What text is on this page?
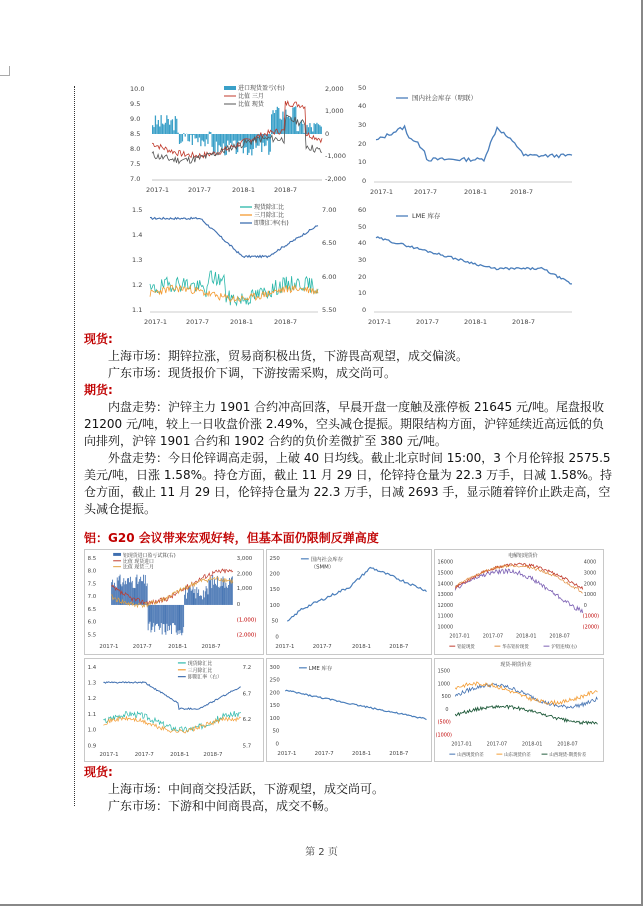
10.0
9.5
9.0
8.5
8.0
7.5
7.0
2,000
1,000
0
-1,000
-2,000
2017-1	2017-7	2018-1	2018-7
进口现货盈亏(右)
比值 三月
比值 现货
50
40
30
20
10
0
2017-1	2017-7	2018-1	2018-7
国内社会库存（明联）
1.5
1.4
1.3
1.2
1.1
7.00
6.50
6.00
5.50
2017-1	2017-7	2018-1	2018-7
现货除汇比
三月除汇比
即期汇率(右)
60
50
40
30
20
10
0
2017-1	2017-7	2018-1	2018-7
LME 库存
现货:
上海市场：期锌拉涨，贸易商积极出货，下游畏高观望，成交偏淡。
广东市场：现货报价下调，下游按需采购，成交尚可。
期货:
内盘走势：沪锌主力 1901 合约冲高回落，早晨开盘一度触及涨停板 21645 元/吨。尾盘报收
21200 元/吨，较上一日收盘价涨 2.49%，空头减仓提振。期限结构方面，沪锌延续近高远低的负
向排列，沪锌 1901 合约和 1902 合约的负价差微扩至 380 元/吨。
外盘走势：今日伦锌调高走弱，上破 40 日均线。截止北京时间 15:00，3 个月伦锌报 2575.5
美元/吨，日涨 1.58%。持仓方面，截止 11 月 29 日，伦锌持仓量为 22.3 万手，日减 1.58%。持
仓方面，截止 11 月 29 日，伦锌持仓量为 22.3 万手，日减 2693 手，显示随着锌价止跌走高，空
头减仓提振。
铝：G20 会议带来宏观好转，但基本面仍限制反弹高度
8.5
8.0
7.5
7.0
6.5
6.0
5.5
3,000
2,000
1,000
0
(1,000)
(2,000)
2017-1	2017-7	2018-1	2018-7
铝现货进口盈亏试算(右)
比值 现货进口
比值 现货三月
250
200
150
100
50
0
2017-1	2017-7	2018-1	2018-7
国内社会库存
（SMM）
电解铝现货价
16000
15000
14000
13000
12000
11000
10000
4000
3000
2000
1000
0
(1000)
(2000)
2017-01	2017-07	2018-01	2018-07
铝锭现货	华东铝价现货	沪铝连续(右)
1.4
1.3
1.2
1.1
1.0
0.9
7.2
6.7
6.2
5.7
2017-1	2017-7	2018-1	2018-7
现货除汇比
三月除汇比
即期汇率（右）
300
250
200
150
100
50
0
2017-1	2017-7	2018-1	2018-7
LME 库存
现货-期货价差
1500
1000
500
0
(500)
(1000)
2017-01	2017-07	2018-01	2018-07
山西现货价差	山东现货价差	山西现货-期货价差
现货:
上海市场：中间商交投活跃，下游观望，成交尚可。
广东市场：下游和中间商畏高，成交不畅。
第 2 页
